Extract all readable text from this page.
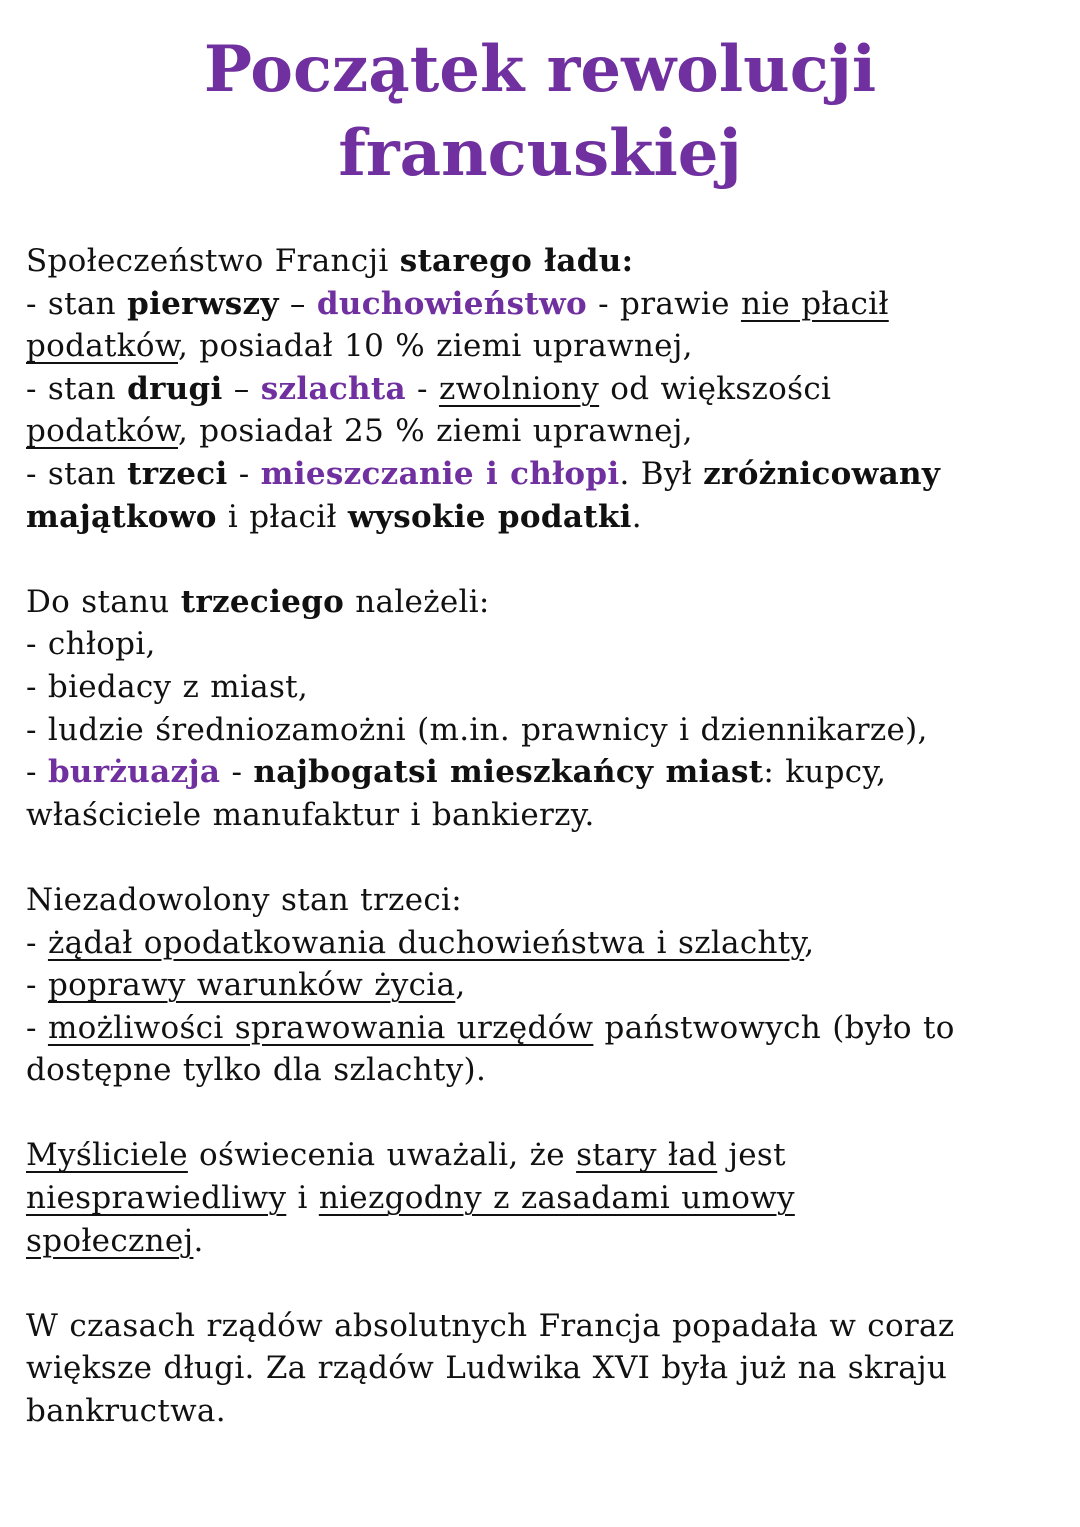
Początek rewolucji
francuskiej
Społeczeństwo Francji starego ładu:
- stan pierwszy – duchowieństwo - prawie nie płacił
podatków, posiadał 10 % ziemi uprawnej,
- stan drugi – szlachta - zwolniony od większości
podatków, posiadał 25 % ziemi uprawnej,
- stan trzeci - mieszczanie i chłopi. Był zróżnicowany
majątkowo i płacił wysokie podatki.
Do stanu trzeciego należeli:
- chłopi,
- biedacy z miast,
- ludzie średniozamożni (m.in. prawnicy i dziennikarze),
- burżuazja - najbogatsi mieszkańcy miast: kupcy,
właściciele manufaktur i bankierzy.
Niezadowolony stan trzeci:
- żądał opodatkowania duchowieństwa i szlachty,
- poprawy warunków życia,
- możliwości sprawowania urzędów państwowych (było to
dostępne tylko dla szlachty).
Myśliciele oświecenia uważali, że stary ład jest
niesprawiedliwy i niezgodny z zasadami umowy
społecznej.
W czasach rządów absolutnych Francja popadała w coraz
większe długi. Za rządów Ludwika XVI była już na skraju
bankructwa.
